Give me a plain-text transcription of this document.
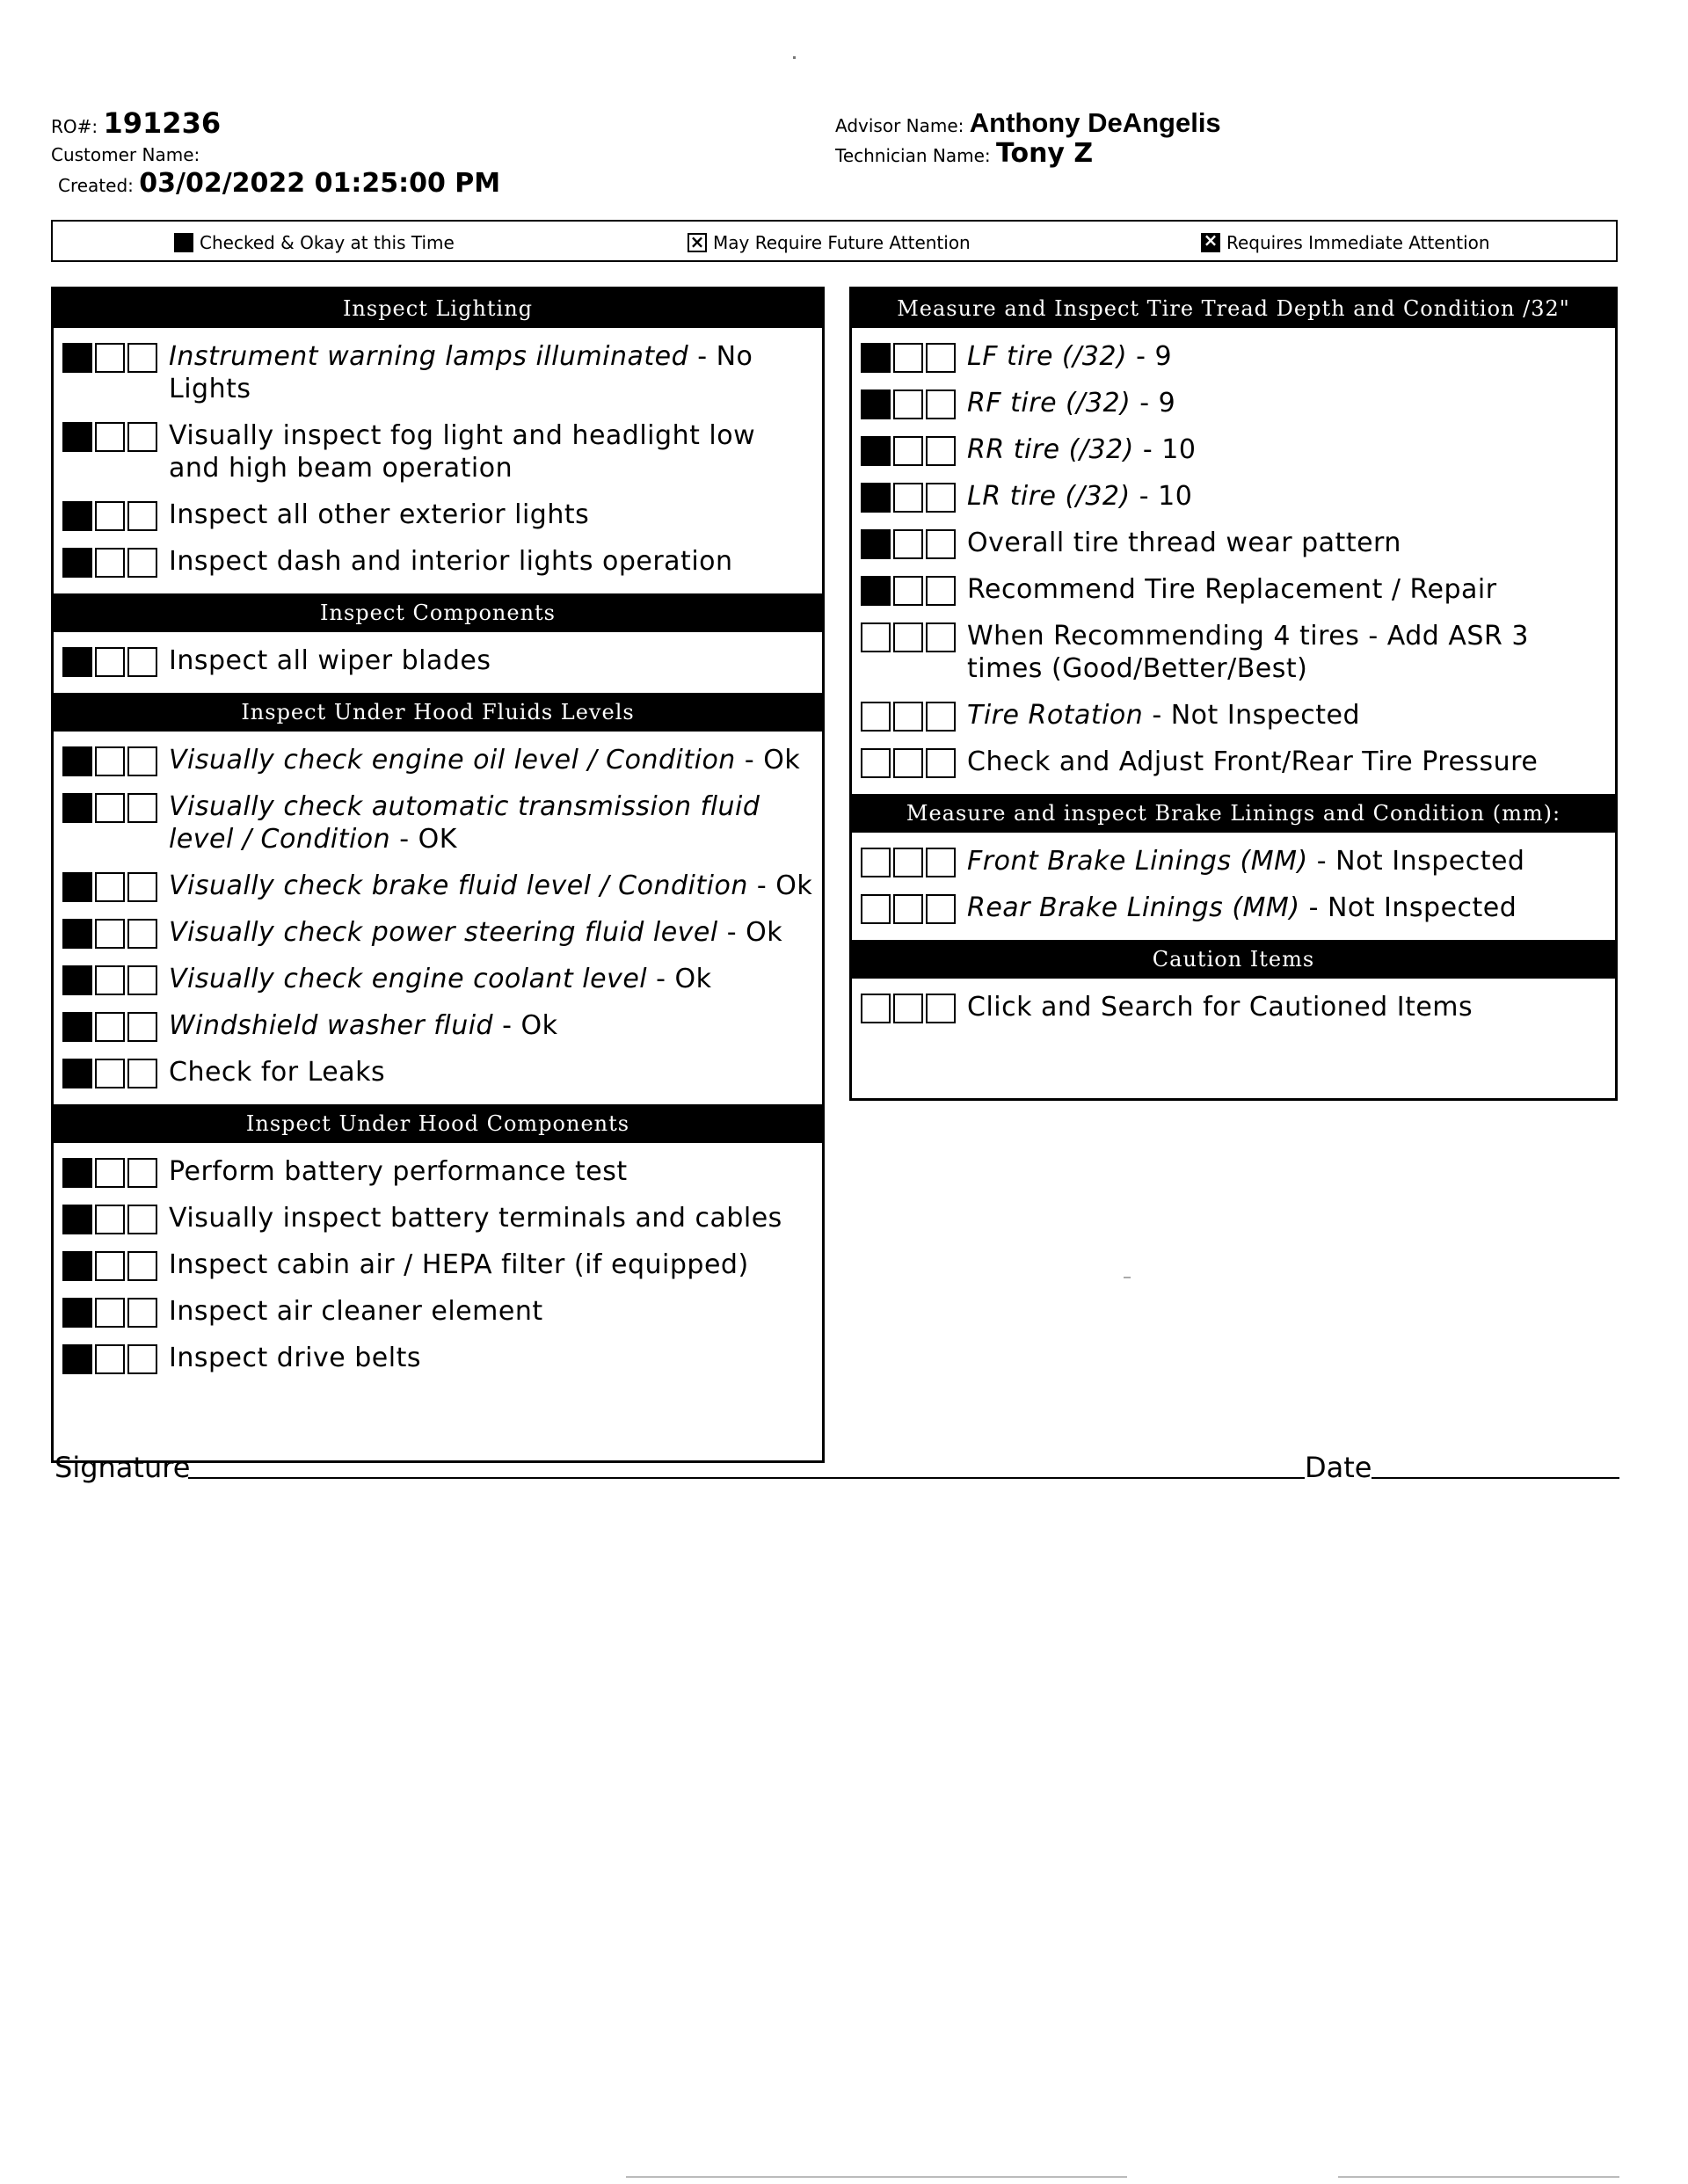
RO#: 191236
Customer Name:
Created: 03/02/2022 01:25:00 PM
Advisor Name: Anthony DeAngelis
Technician Name: Tony Z
Checked & Okay at this Time ×	May Require Future Attention ×	Requires Immediate Attention
Inspect Lighting
Instrument warning lamps illuminated - No Lights
Visually inspect fog light and headlight low and high beam operation
Inspect all other exterior lights
Inspect dash and interior lights operation
Inspect Components
Inspect all wiper blades
Inspect Under Hood Fluids Levels
Visually check engine oil level / Condition - Ok
Visually check automatic transmission fluid level / Condition - OK
Visually check brake fluid level / Condition - Ok
Visually check power steering fluid level - Ok
Visually check engine coolant level - Ok
Windshield washer fluid - Ok
Check for Leaks
Inspect Under Hood Components
Perform battery performance test
Visually inspect battery terminals and cables
Inspect cabin air / HEPA filter (if equipped)
Inspect air cleaner element
Inspect drive belts
Measure and Inspect Tire Tread Depth and Condition /32"
LF tire (/32) - 9
RF tire (/32) - 9
RR tire (/32) - 10
LR tire (/32) - 10
Overall tire thread wear pattern
Recommend Tire Replacement / Repair
When Recommending 4 tires - Add ASR 3 times (Good/Better/Best)
Tire Rotation - Not Inspected
Check and Adjust Front/Rear Tire Pressure
Measure and inspect Brake Linings and Condition (mm):
Front Brake Linings (MM) - Not Inspected
Rear Brake Linings (MM) - Not Inspected
Caution Items
Click and Search for Cautioned Items
Signature	Date
